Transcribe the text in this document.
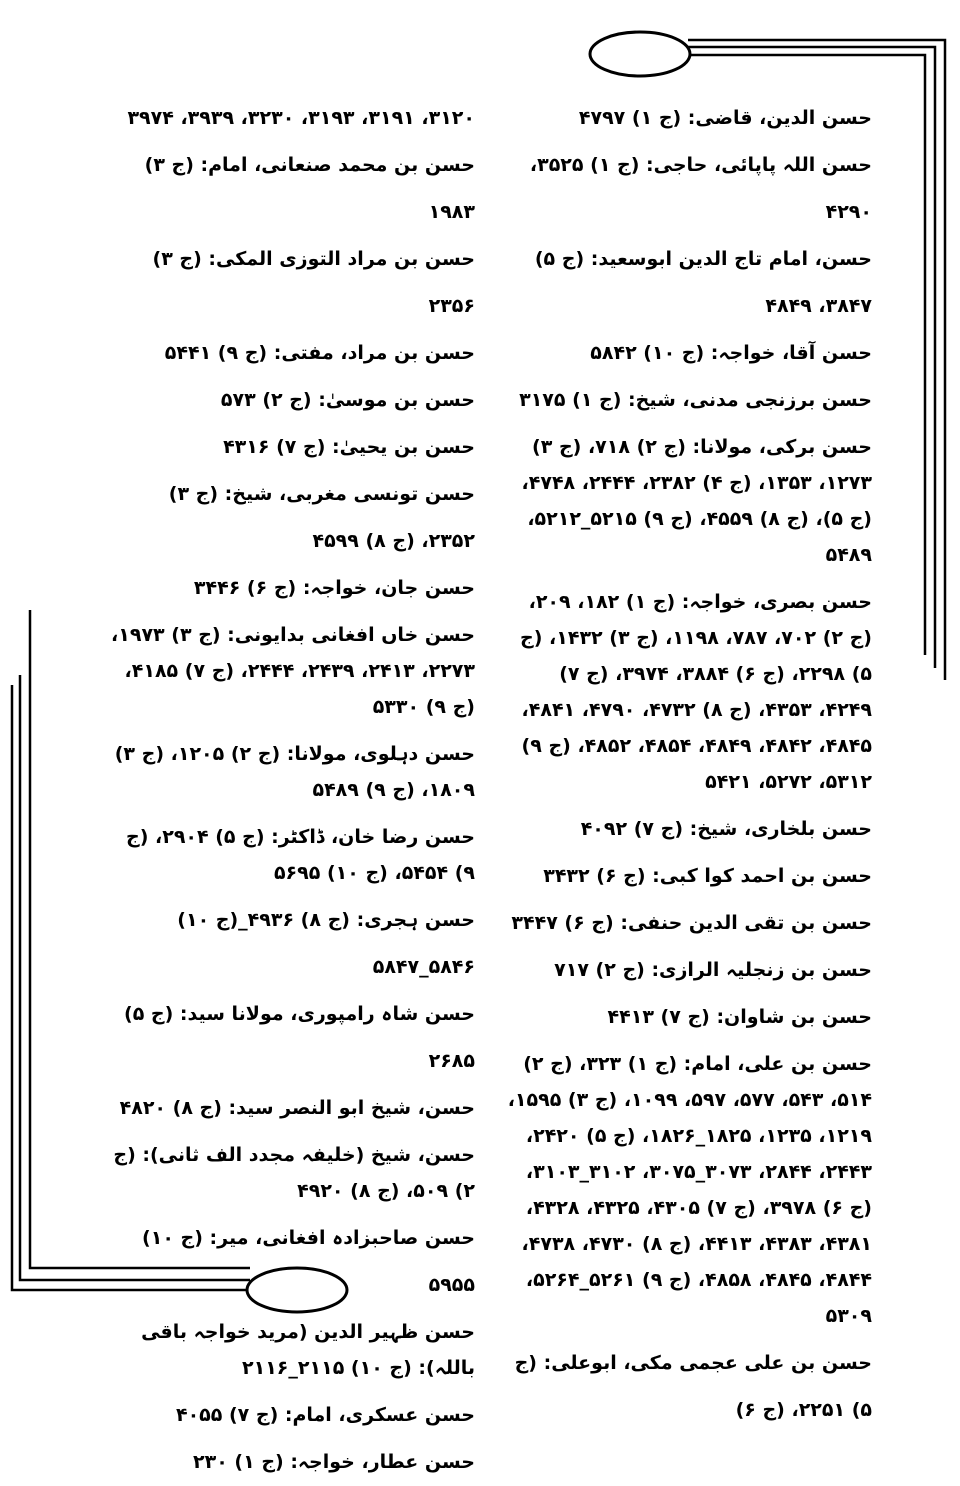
حسن الدین، قاضی: (ج ۱) ۴۷۹۷
حسن اللہ پاپائی، حاجی: (ج ۱) ۳۵۲۵، ۴۲۹۰
حسن، امام تاج الدین ابوسعید: (ج ۵) ۳۸۴۷، ۴۸۴۹
حسن آقا، خواجہ: (ج ۱۰) ۵۸۴۲
حسن برزنجی مدنی، شیخ: (ج ۱) ۳۱۷۵
حسن برکی، مولانا: (ج ۲) ۷۱۸، (ج ۳) ۱۲۷۳، ۱۳۵۳، (ج ۴) ۲۳۸۲، ۲۴۴۴، ۴۷۴۸، (ج ۵)، (ج ۸) ۴۵۵۹، (ج ۹) ۵۲۱۵_۵۲۱۲، ۵۴۸۹
حسن بصری، خواجہ: (ج ۱) ۱۸۲، ۲۰۹، (ج ۲) ۷۰۲، ۷۸۷، ۱۱۹۸، (ج ۳) ۱۴۳۲، (ج ۵) ۲۲۹۸، (ج ۶) ۳۸۸۴، ۳۹۷۴، (ج ۷) ۴۲۴۹، ۴۳۵۳، (ج ۸) ۴۷۳۲، ۴۷۹۰، ۴۸۴۱، ۴۸۴۵، ۴۸۴۲، ۴۸۴۹، ۴۸۵۴، ۴۸۵۲، (ج ۹) ۵۳۱۲، ۵۲۷۲، ۵۴۲۱
حسن بلخاری، شیخ: (ج ۷) ۴۰۹۲
حسن بن احمد کوا کبی: (ج ۶) ۳۴۳۲
حسن بن تقی الدین حنفی: (ج ۶) ۳۴۴۷
حسن بن زنجلیہ الرازی: (ج ۲) ۷۱۷
حسن بن شاوان: (ج ۷) ۴۴۱۳
حسن بن علی، امام: (ج ۱) ۳۲۳، (ج ۲) ۵۱۴، ۵۴۳، ۵۷۷، ۵۹۷، ۱۰۹۹، (ج ۳) ۱۵۹۵، ۱۲۱۹، ۱۲۳۵، ۱۸۲۵_۱۸۲۶، (ج ۵) ۲۴۲۰، ۲۴۴۳، ۲۸۴۴، ۳۰۷۳_۳۰۷۵، ۳۱۰۲_۳۱۰۳، (ج ۶) ۳۹۷۸، (ج ۷) ۴۳۰۵، ۴۳۲۵، ۴۳۲۸، ۴۳۸۱، ۴۳۸۳، ۴۴۱۳، (ج ۸) ۴۷۳۰، ۴۷۳۸، ۴۸۴۴، ۴۸۴۵، ۴۸۵۸، (ج ۹) ۵۲۶۱_۵۲۶۴، ۵۳۰۹
حسن بن علی عجمی مکی، ابوعلی: (ج ۵) ۲۲۵۱، (ج ۶)
۳۱۲۰، ۳۱۹۱، ۳۱۹۳، ۳۲۳۰، ۳۹۳۹، ۳۹۷۴
حسن بن محمد صنعانی، امام: (ج ۳) ۱۹۸۳
حسن بن مراد التوزی المکی: (ج ۳) ۲۳۵۶
حسن بن مراد، مفتی: (ج ۹) ۵۴۴۱
حسن بن موسیٰ: (ج ۲) ۵۷۳
حسن بن یحییٰ: (ج ۷) ۴۳۱۶
حسن تونسی مغربی، شیخ: (ج ۳) ۲۳۵۲، (ج ۸) ۴۵۹۹
حسن جان، خواجہ: (ج ۶) ۳۴۴۶
حسن خاں افغانی بدایونی: (ج ۳) ۱۹۷۳، ۲۲۷۳، ۲۴۱۳، ۲۴۳۹، ۲۴۴۴، (ج ۷) ۴۱۸۵، (ج ۹) ۵۳۳۰
حسن دہلوی، مولانا: (ج ۲) ۱۲۰۵، (ج ۳) ۱۸۰۹، (ج ۹) ۵۴۸۹
حسن رضا خان، ڈاکٹر: (ج ۵) ۲۹۰۴، (ج ۹) ۵۴۵۴، (ج ۱۰) ۵۶۹۵
حسن ہجری: (ج ۸) ۴۹۳۶_(ج ۱۰) ۵۸۴۶_۵۸۴۷
حسن شاہ رامپوری، مولانا سید: (ج ۵) ۲۶۸۵
حسن، شیخ ابو النصر سید: (ج ۸) ۴۸۲۰
حسن، شیخ (خلیفہ مجدد الف ثانی): (ج ۲) ۵۰۹، (ج ۸) ۴۹۲۰
حسن صاحبزادہ افغانی، میر: (ج ۱۰) ۵۹۵۵
حسن ظہیر الدین (مرید خواجہ باقی باللہ): (ج ۱۰) ۲۱۱۵_۲۱۱۶
حسن عسکری، امام: (ج ۷) ۴۰۵۵
حسن عطار، خواجہ: (ج ۱) ۲۳۰
